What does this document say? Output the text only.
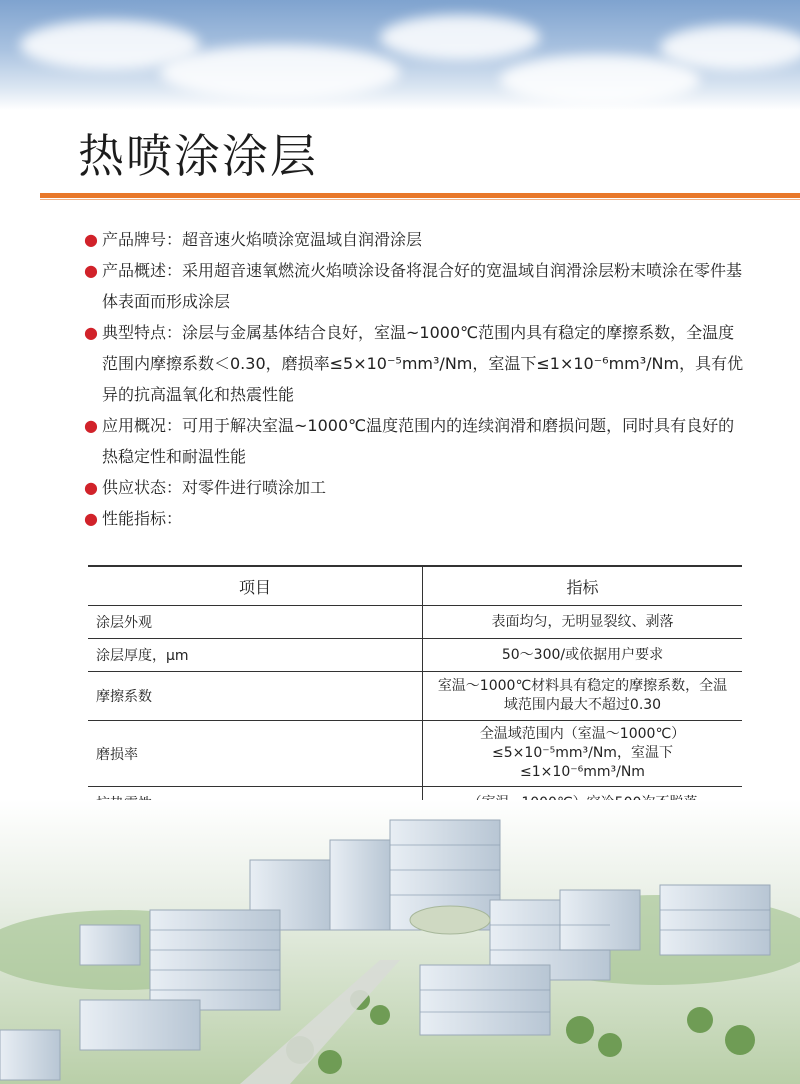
热喷涂涂层
● 产品牌号：超音速火焰喷涂宽温域自润滑涂层
● 产品概述：采用超音速氧燃流火焰喷涂设备将混合好的宽温域自润滑涂层粉末喷涂在零件基体表面而形成涂层
● 典型特点：涂层与金属基体结合良好，室温~1000℃范围内具有稳定的摩擦系数，全温度范围内摩擦系数＜0.30，磨损率≤5×10⁻⁵mm³/Nm，室温下≤1×10⁻⁶mm³/Nm，具有优异的抗高温氧化和热震性能
● 应用概况：可用于解决室温~1000℃温度范围内的连续润滑和磨损问题，同时具有良好的热稳定性和耐温性能
● 供应状态：对零件进行喷涂加工
● 性能指标：
项目	指标
涂层外观	表面均匀，无明显裂纹、剥落
涂层厚度，μm	50～300/或依据用户要求
摩擦系数	室温～1000℃材料具有稳定的摩擦系数，全温域范围内最大不超过0.30
磨损率	全温域范围内（室温～1000℃）≤5×10⁻⁵mm³/Nm，室温下≤1×10⁻⁶mm³/Nm
